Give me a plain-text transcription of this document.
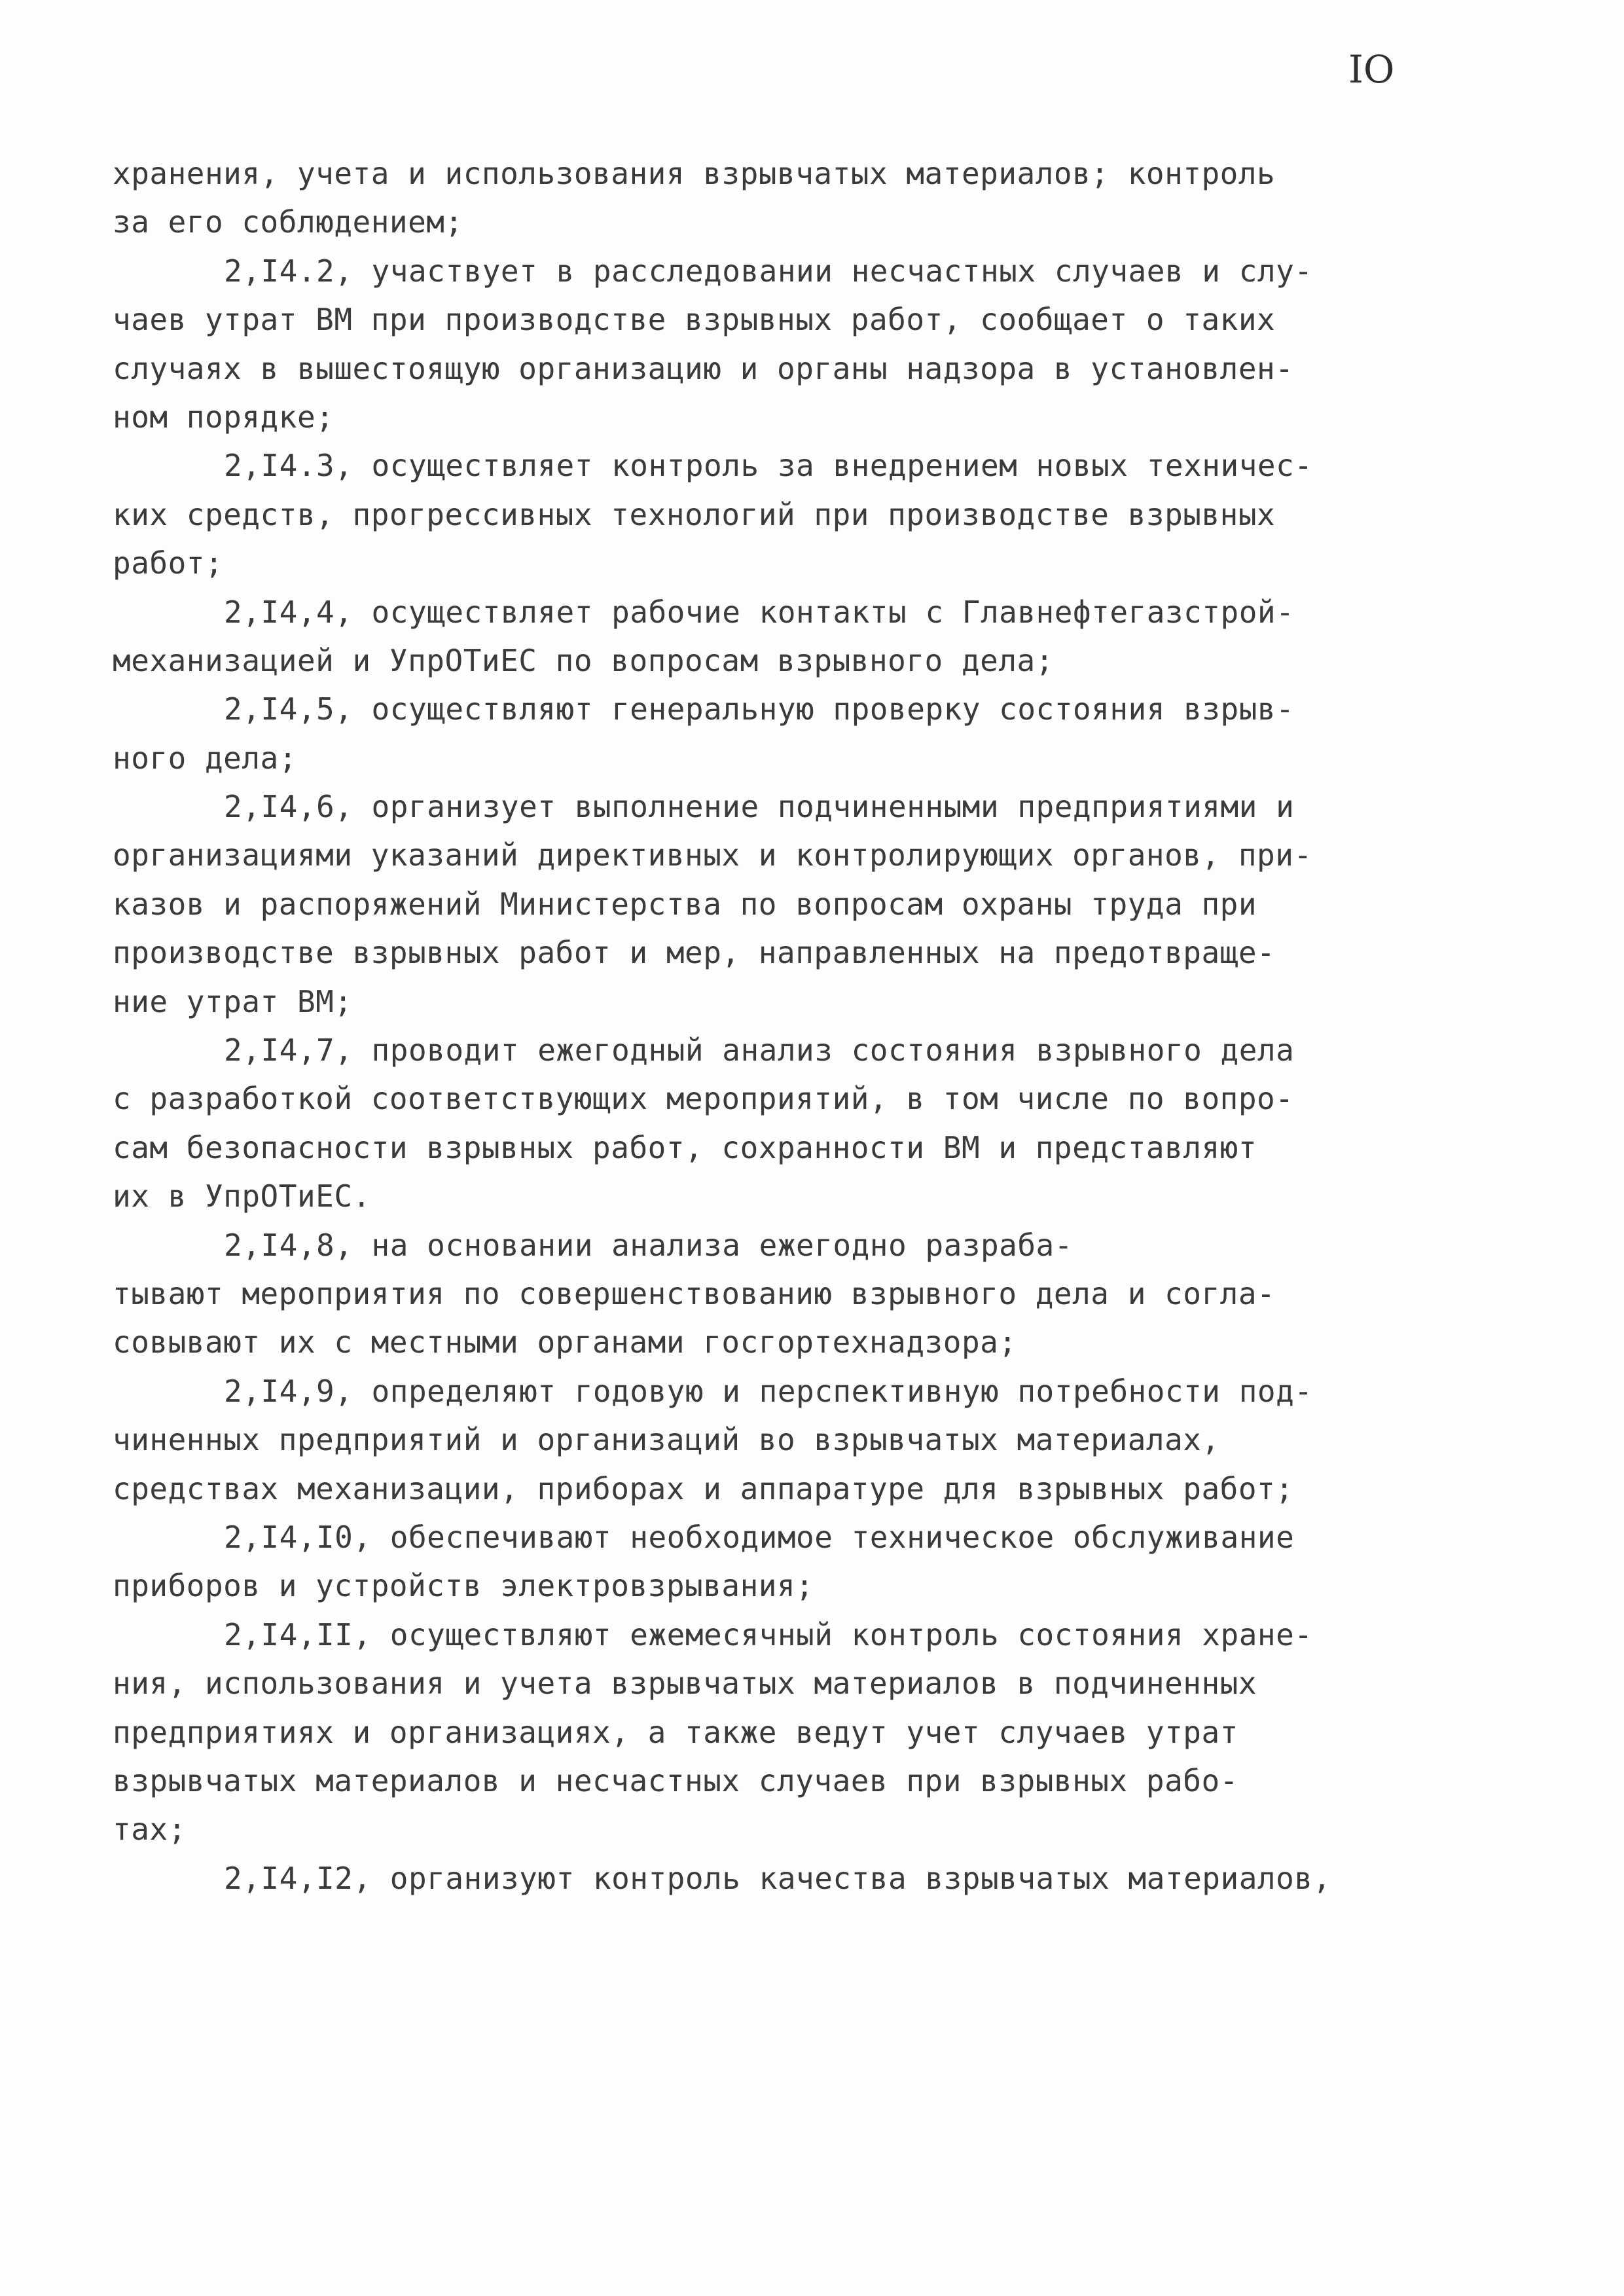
IO
хранения, учета и использования взрывчатых материалов; контроль
за его соблюдением;
2,I4.2, участвует в расследовании несчастных случаев и слу-
чаев утрат ВМ при производстве взрывных работ, сообщает о таких
случаях в вышестоящую организацию и органы надзора в установлен-
ном порядке;
2,I4.3, осуществляет контроль за внедрением новых техничес-
ких средств, прогрессивных технологий при производстве взрывных
работ;
2,I4,4, осуществляет рабочие контакты с Главнефтегазстрой-
механизацией и УпрОТиЕС по вопросам взрывного дела;
2,I4,5, осуществляют генеральную проверку состояния взрыв-
ного дела;
2,I4,6, организует выполнение подчиненными предприятиями и
организациями указаний директивных и контролирующих органов, при-
казов и распоряжений Министерства по вопросам охраны труда при
производстве взрывных работ и мер, направленных на предотвраще-
ние утрат ВМ;
2,I4,7, проводит ежегодный анализ состояния взрывного дела
с разработкой соответствующих мероприятий, в том числе по вопро-
сам безопасности взрывных работ, сохранности ВМ и представляют
их в УпрОТиЕС.
2,I4,8, на основании анализа ежегодно разраба-
тывают мероприятия по совершенствованию взрывного дела и согла-
совывают их с местными органами госгортехнадзора;
2,I4,9, определяют годовую и перспективную потребности под-
чиненных предприятий и организаций во взрывчатых материалах,
средствах механизации, приборах и аппаратуре для взрывных работ;
2,I4,I0, обеспечивают необходимое техническое обслуживание
приборов и устройств электровзрывания;
2,I4,II, осуществляют ежемесячный контроль состояния хране-
ния, использования и учета взрывчатых материалов в подчиненных
предприятиях и организациях, а также ведут учет случаев утрат
взрывчатых материалов и несчастных случаев при взрывных рабо-
тах;
2,I4,I2, организуют контроль качества взрывчатых материалов,
